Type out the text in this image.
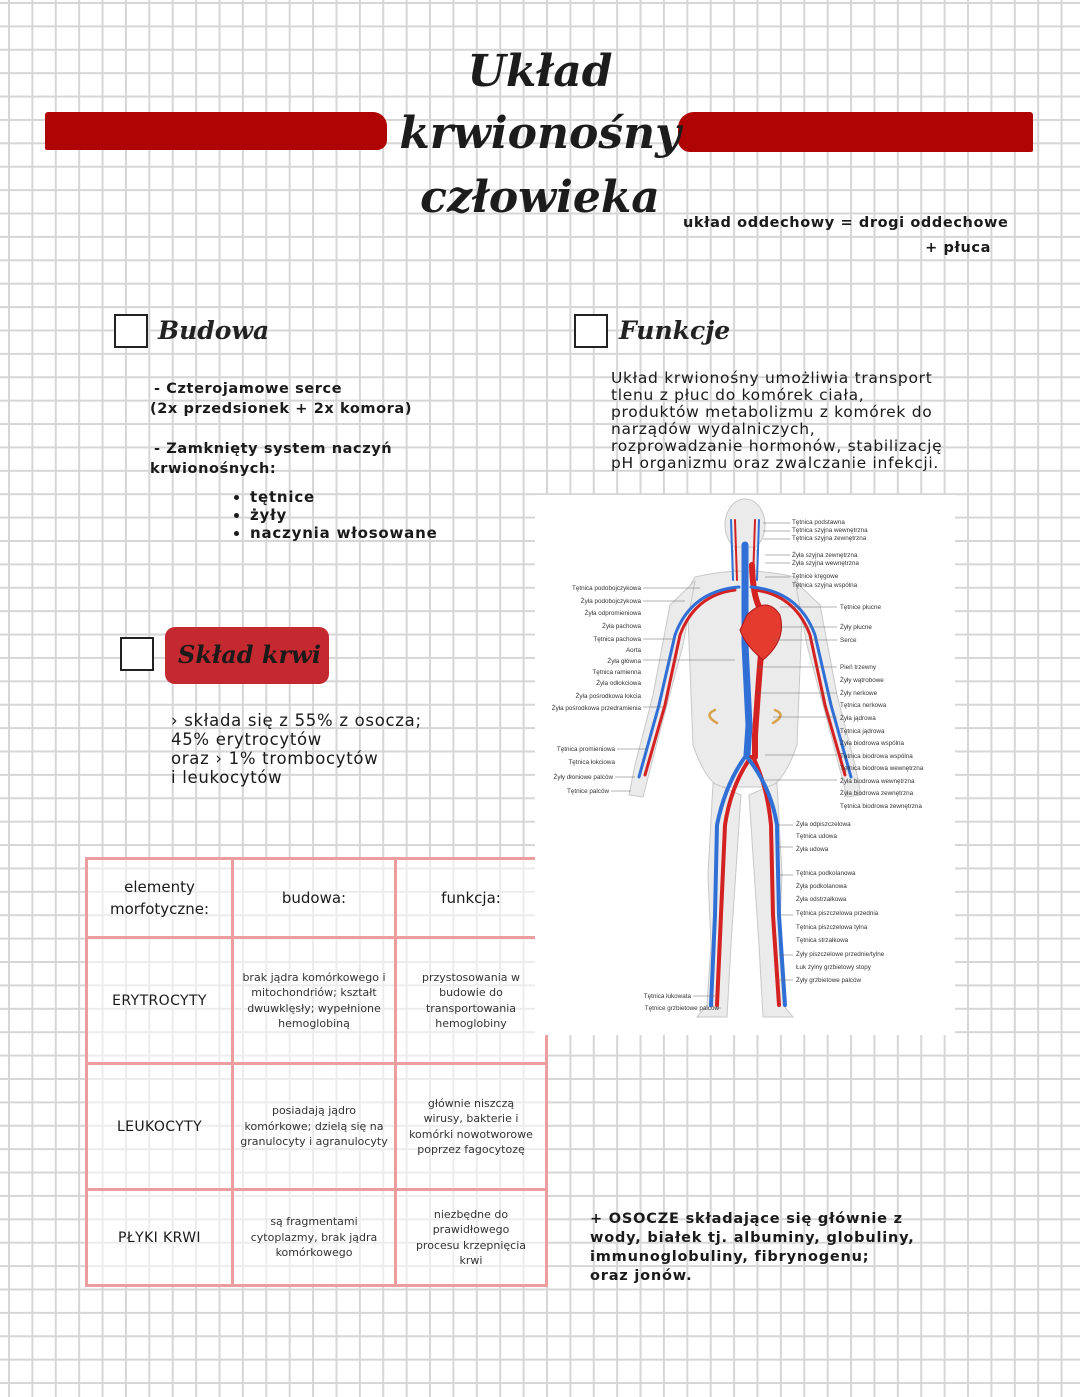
Układ
krwionośny
człowieka	układ oddechowy = drogi oddechowe

+ płuca

Budowa

- Czterojamowe serce

(2x przedsionek + 2x komora)

- Zamknięty system naczyń

krwionośnych:

• tętnice
• żyły
• naczynia włosowane
Funkcje

Układ krwionośny umożliwia transport

tlenu z płuc do komórek ciała,

produktów metabolizmu z komórek do

narządów wydalniczych,

rozprowadzanie hormonów, stabilizację

pH organizmu oraz zwalczanie infekcji.

Skład krwi

› składa się z 55% z osocza;

45% erytrocytów

oraz › 1% trombocytów

i leukocytów

elementy morfotyczne:	budowa:	funkcja:

ERYTROCYTY	brak jądra komórkowego i mitochondriów; kształt dwuwklęsły; wypełnione hemoglobiną	przystosowania w budowie do transportowania hemoglobiny

LEUKOCYTY	posiadają jądro komórkowe; dzielą się na granulocyty i agranulocyty	głównie niszczą wirusy, bakterie i komórki nowotworowe poprzez fagocytozę

PŁYKI KRWI	są fragmentami cytoplazmy, brak jądra komórkowego	niezbędne do prawidłowego procesu krzepnięcia krwi

+ OSOCZE składające się głównie z

wody, białek tj. albuminy, globuliny,

immunoglobuliny, fibrynogenu;

oraz jonów.

Tętnica podstawna
Tętnica szyjna wewnętrzna
Tętnica szyjna zewnętrzna
Żyła szyjna zewnętrzna
Żyła szyjna wewnętrzna
Tętnice kręgowe
Tętnica szyjna wspólna
Tętnice płucne
Żyły płucne
Serce
Pień trzewny
Żyły wątrobowe
Żyły nerkowe
Tętnica nerkowa
Żyła jądrowa
Tętnica jądrowa
Żyła biodrowa wspólna
Tętnica biodrowa wspólna
Tętnica biodrowa wewnętrzna
Żyła biodrowa wewnętrzna
Żyła biodrowa zewnętrzna
Tętnica biodrowa zewnętrzna
Żyła odpiszczelowa
Tętnica udowa
Żyła udowa
Tętnica podkolanowa
Żyła podkolanowa
Żyła odstrzałkowa
Tętnica piszczelowa przednia
Tętnica piszczelowa tylna
Tętnica strzałkowa
Żyły piszczelowe przednie/tylne
Łuk żylny grzbietowy stopy
Żyły grzbietowe palców
Tętnica podobojczykowa
Żyła podobojczykowa
Żyła odpromieniowa
Żyła pachowa
Tętnica pachowa
Aorta
Żyła główna
Tętnica ramienna
Żyła odłokciowa
Żyła pośrodkowa łokcia
Żyła pośrodkowa przedramienia
Tętnica promieniowa
Tętnica łokciowa
Żyły dłoniowe palców
Tętnice palców
Tętnica łukowata
Tętnice grzbietowe palców
